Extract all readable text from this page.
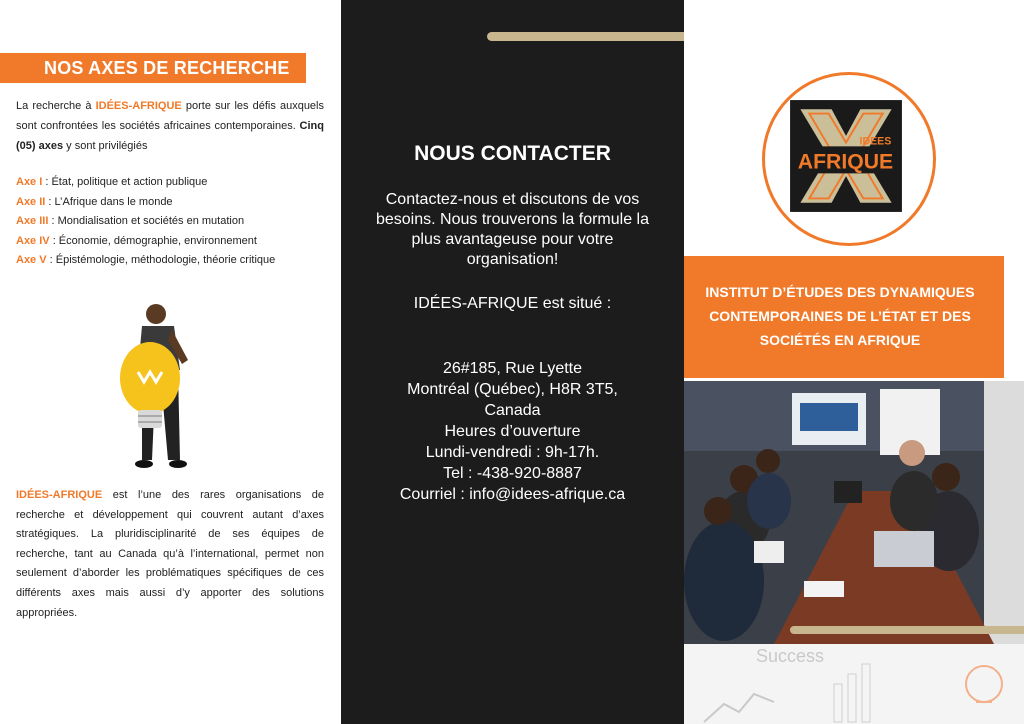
NOS AXES DE RECHERCHE
La recherche à IDÉES-AFRIQUE porte sur les défis auxquels sont confrontées les sociétés africaines contemporaines. Cinq (05) axes y sont privilégiés
Axe I : État, politique et action publique
Axe II : L’Afrique dans le monde
Axe III : Mondialisation et sociétés en mutation
Axe IV : Économie, démographie, environnement
Axe V : Épistémologie, méthodologie, théorie critique
IDÉES-AFRIQUE est l’une des rares organisations de recherche et développement qui couvrent autant d’axes stratégiques. La pluridisciplinarité de ses équipes de recherche, tant au Canada qu’à l’international, permet non seulement d’aborder les problématiques spécifiques de ces différents axes mais aussi d’y apporter des solutions appropriées.
NOUS CONTACTER
Contactez-nous et discutons de vos besoins. Nous trouverons la formule la plus avantageuse pour votre organisation!
IDÉES-AFRIQUE est situé :
26#185, Rue Lyette
Montréal (Québec), H8R 3T5,
Canada
Heures d’ouverture
Lundi-vendredi : 9h-17h.
Tel : -438-920-8887
Courriel : info@idees-afrique.ca
IDEES
AFRIQUE
INSTITUT D’ÉTUDES DES DYNAMIQUES CONTEMPORAINES DE L’ÉTAT ET DES SOCIÉTÉS EN AFRIQUE
Success
